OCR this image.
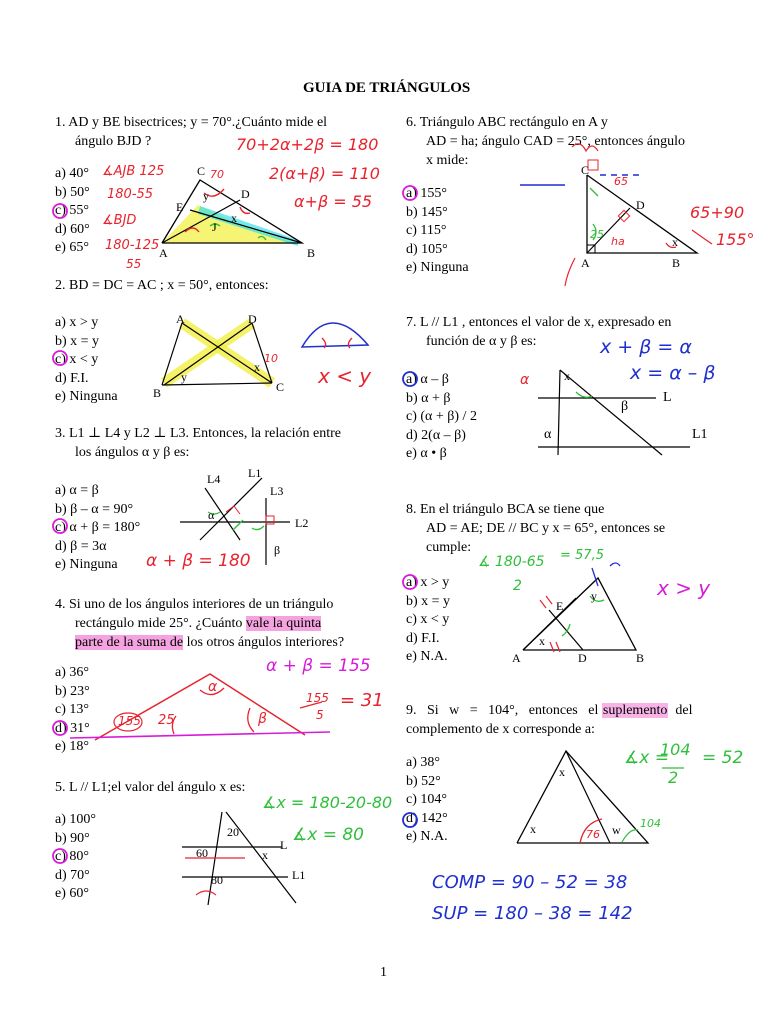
GUIA DE TRIÁNGULOS
1. AD y BE bisectrices; y = 70°.¿Cuánto mide el
ángulo BJD ?
a) 40°
b) 50°
c) 55°
d) 60°
e) 65°
C
D
E
J
y
x
A	B
70+2α+2β = 180
2(α+β) = 110
α+β = 55
∡AJB 125
180-55
∡BJD
180-125
55
70
2. BD = DC = AC ; x = 50°, entonces:
a) x > y
b) x = y
c) x < y
d) F.I.
e) Ninguna
A	D
B	C
y
x
10
x < y
3. L1 ⊥ L4 y L2 ⊥ L3. Entonces, la relación entre
los ángulos α y β es:
a) α = β
b) β – α = 90°
c) α + β = 180°
d) β = 3α
e) Ninguna
L1
L4
L3
L2
α
β
α + β = 180
4. Si uno de los ángulos interiores de un triángulo
rectángulo mide 25°. ¿Cuánto vale la quinta
parte de la suma de los otros ángulos interiores?
a) 36°
b) 23°
c) 13°
d) 31°
e) 18°
α + β = 155
155
5
= 31
155 25
α
β
5. L // L1;el valor del ángulo x es:
a) 100°
b) 90°
c) 80°
d) 70°
e) 60°
20
60
80
x
L
L1
∡x = 180-20-80
∡x = 80
6. Triángulo ABC rectángulo en A y
AD = ha; ángulo CAD = 25°, entonces ángulo
x mide:
a) 155°
b) 145°
c) 115°
d) 105°
e) Ninguna
C
D
A	B
x
65+90
155°
25
ha
65
7. L // L1 , entonces el valor de x, expresado en
función de α y β es:
a) α – β
b) α + β
c) (α + β) / 2
d) 2(α – β)
e) α • β
x
β
α
L
L1
x + β = α
x = α – β
α
8. En el triángulo BCA se tiene que
AD = AE; DE // BC y x = 65°, entonces se
cumple:
a) x > y
b) x = y
c) x < y
d) F.I.
e) N.A.
E
y
x
A	D	B
∡ 180-65
2
= 57,5
x > y
9.   Si   w   =   104°,   entonces   el suplemento  del
complemento de x corresponde a:
a) 38°
b) 52°
c) 104°
d) 142°
e) N.A.
x
x	w
∡x =
104
2
= 52
104
76
COMP = 90 – 52 = 38
SUP = 180 – 38 = 142
1
